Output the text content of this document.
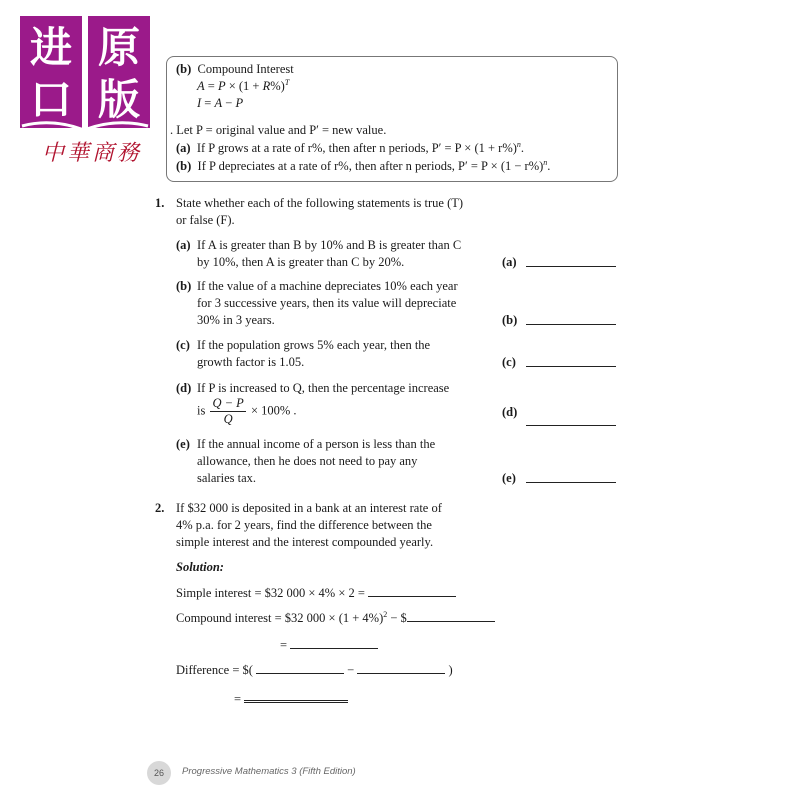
进 原
口 版
中華商務
(b) Compound Interest
$A = P \times (1 + R\%)^T$
I = A − P
. Let P = original value and P′ = new value.
(a) If P grows at a rate of r%, then after n periods, $P' = P \times (1 + r\%)^n$.
(b) If P depreciates at a rate of r%, then after n periods, $P' = P \times (1 - r\%)^n$.
1. State whether each of the following statements is true (T)
or false (F).
(a) If A is greater than B by 10% and B is greater than C
by 10%, then A is greater than C by 20%.	(a)
(b) If the value of a machine depreciates 10% each year
for 3 successive years, then its value will depreciate
30% in 3 years.	(b)
(c) If the population grows 5% each year, then the
growth factor is 1.05.	(c)
(d) If P is increased to Q, then the percentage increase
is $\frac{Q - P}{Q} \times 100\%$ .	(d)
(e) If the annual income of a person is less than the
allowance, then he does not need to pay any
salaries tax.	(e)
2. If $32 000 is deposited in a bank at an interest rate of
4% p.a. for 2 years, find the difference between the
simple interest and the interest compounded yearly.
Solution:
Simple interest = $32 000 × 4% × 2 =
Compound interest = $32 $000 \times (1 + 4\%)^2$ − $
=
Difference = $(	−	)
=
26	Progressive Mathematics 3 (Fifth Edition)
